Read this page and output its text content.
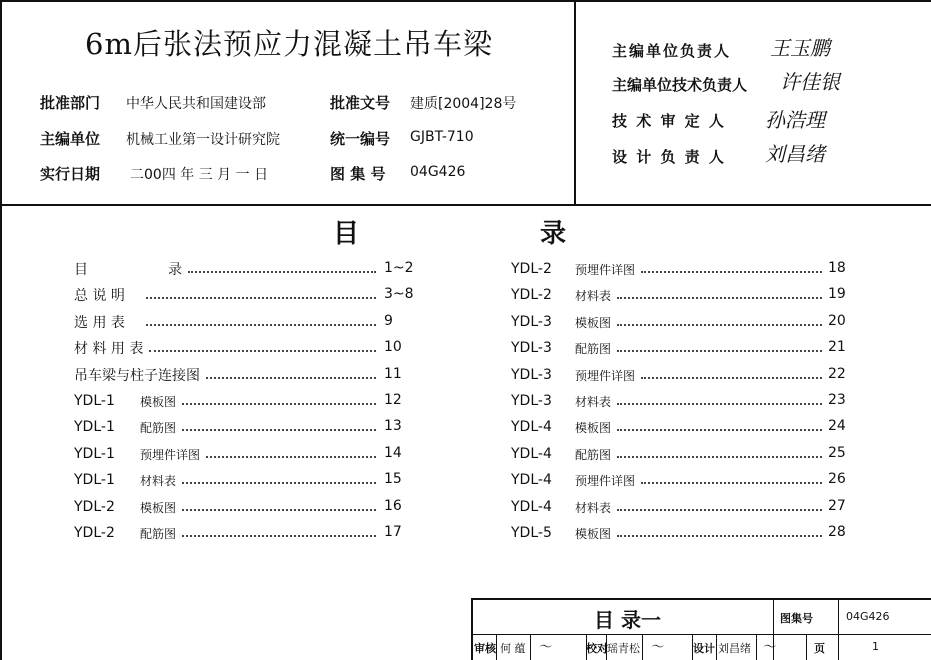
6m后张法预应力混凝土吊车梁
批准部门 中华人民共和国建设部	批准文号 建质[2004]28号
主编单位 机械工业第一设计研究院	统一编号 GJBT-710
实行日期 二00四 年 三 月 一 日	图 集 号 04G426
主编单位负责人 王玉鹏
主编单位技术负责人 许佳银
技 术 审 定 人 孙浩理
设 计 负 责 人 刘昌绪
目	录
目	录	1~2
总 说 明	3~8
选 用 表	9
材 料 用 表	10
吊车梁与柱子连接图	11
YDL-1	模板图	12
YDL-1	配筋图	13
YDL-1	预埋件详图	14
YDL-1	材料表	15
YDL-2	模板图	16
YDL-2	配筋图	17
YDL-2	预埋件详图	18
YDL-2	材料表	19
YDL-3	模板图	20
YDL-3	配筋图	21
YDL-3	预埋件详图	22
YDL-3	材料表	23
YDL-4	模板图	24
YDL-4	配筋图	25
YDL-4	预埋件详图	26
YDL-4	材料表	27
YDL-5	模板图	28
目 录一	图集号	04G426
审核 何 蕴 〜	校对 瑶青松 〜	设计 刘昌绪 〜	页	1
